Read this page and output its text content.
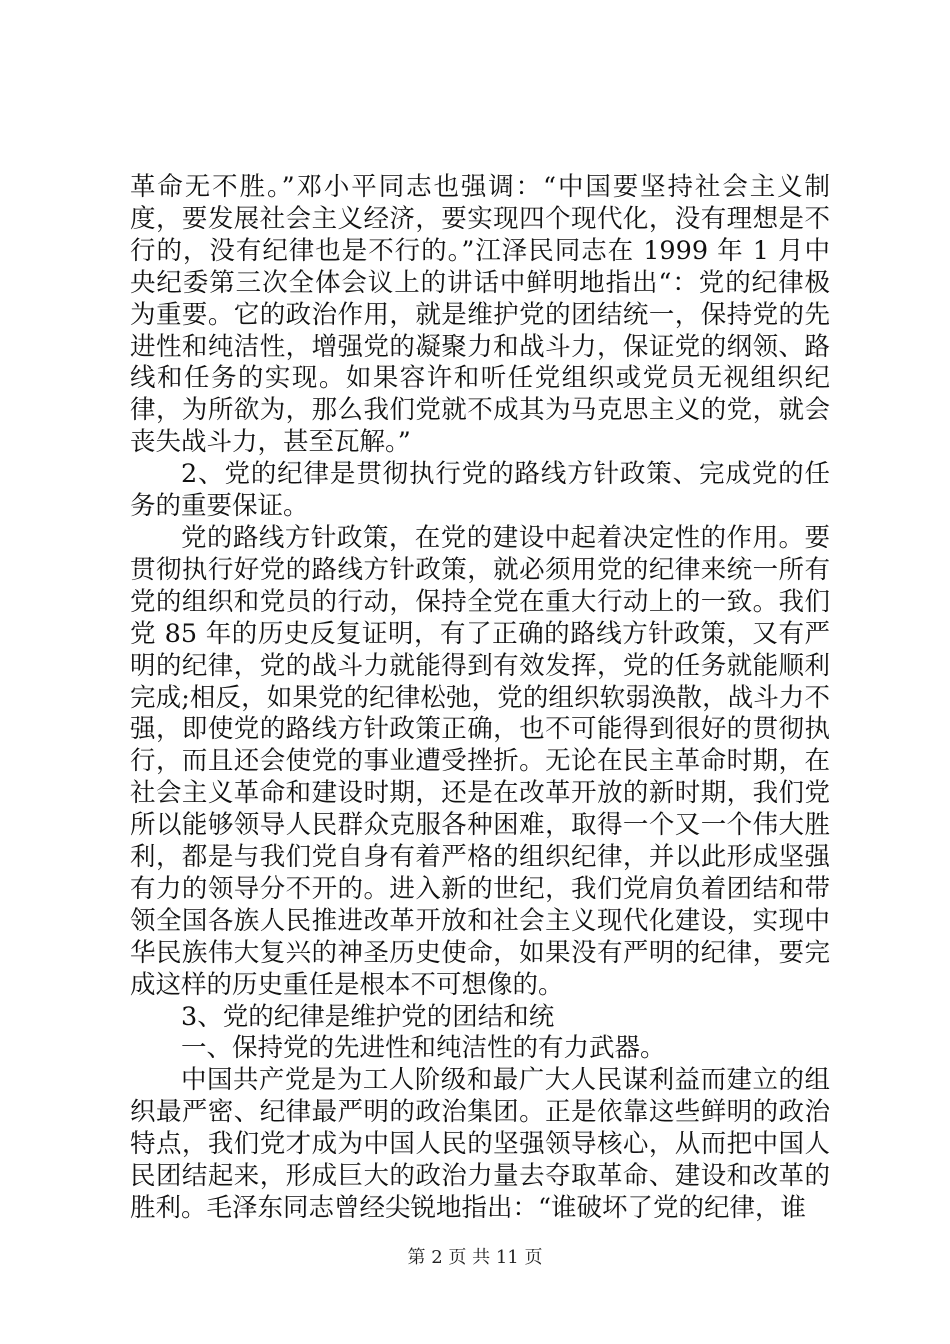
革命无不胜。”邓小平同志也强调：“中国要坚持社会主义制度，要发展社会主义经济，要实现四个现代化，没有理想是不行的，没有纪律也是不行的。”江泽民同志在 1999 年 1 月中央纪委第三次全体会议上的讲话中鲜明地指出“：党的纪律极为重要。它的政治作用，就是维护党的团结统一，保持党的先进性和纯洁性，增强党的凝聚力和战斗力，保证党的纲领、路线和任务的实现。如果容许和听任党组织或党员无视组织纪律，为所欲为，那么我们党就不成其为马克思主义的党，就会丧失战斗力，甚至瓦解。”

2、党的纪律是贯彻执行党的路线方针政策、完成党的任务的重要保证。

党的路线方针政策，在党的建设中起着决定性的作用。要贯彻执行好党的路线方针政策，就必须用党的纪律来统一所有党的组织和党员的行动，保持全党在重大行动上的一致。我们党 85 年的历史反复证明，有了正确的路线方针政策，又有严明的纪律，党的战斗力就能得到有效发挥，党的任务就能顺利完成;相反，如果党的纪律松弛，党的组织软弱涣散，战斗力不强，即使党的路线方针政策正确，也不可能得到很好的贯彻执行，而且还会使党的事业遭受挫折。无论在民主革命时期，在社会主义革命和建设时期，还是在改革开放的新时期，我们党所以能够领导人民群众克服各种困难，取得一个又一个伟大胜利，都是与我们党自身有着严格的组织纪律，并以此形成坚强有力的领导分不开的。进入新的世纪，我们党肩负着团结和带领全国各族人民推进改革开放和社会主义现代化建设，实现中华民族伟大复兴的神圣历史使命，如果没有严明的纪律，要完成这样的历史重任是根本不可想像的。

3、党的纪律是维护党的团结和统

一、保持党的先进性和纯洁性的有力武器。

中国共产党是为工人阶级和最广大人民谋利益而建立的组织最严密、纪律最严明的政治集团。正是依靠这些鲜明的政治特点，我们党才成为中国人民的坚强领导核心，从而把中国人民团结起来，形成巨大的政治力量去夺取革命、建设和改革的胜利。毛泽东同志曾经尖锐地指出：“谁破坏了党的纪律，谁

第 2 页 共 11 页
